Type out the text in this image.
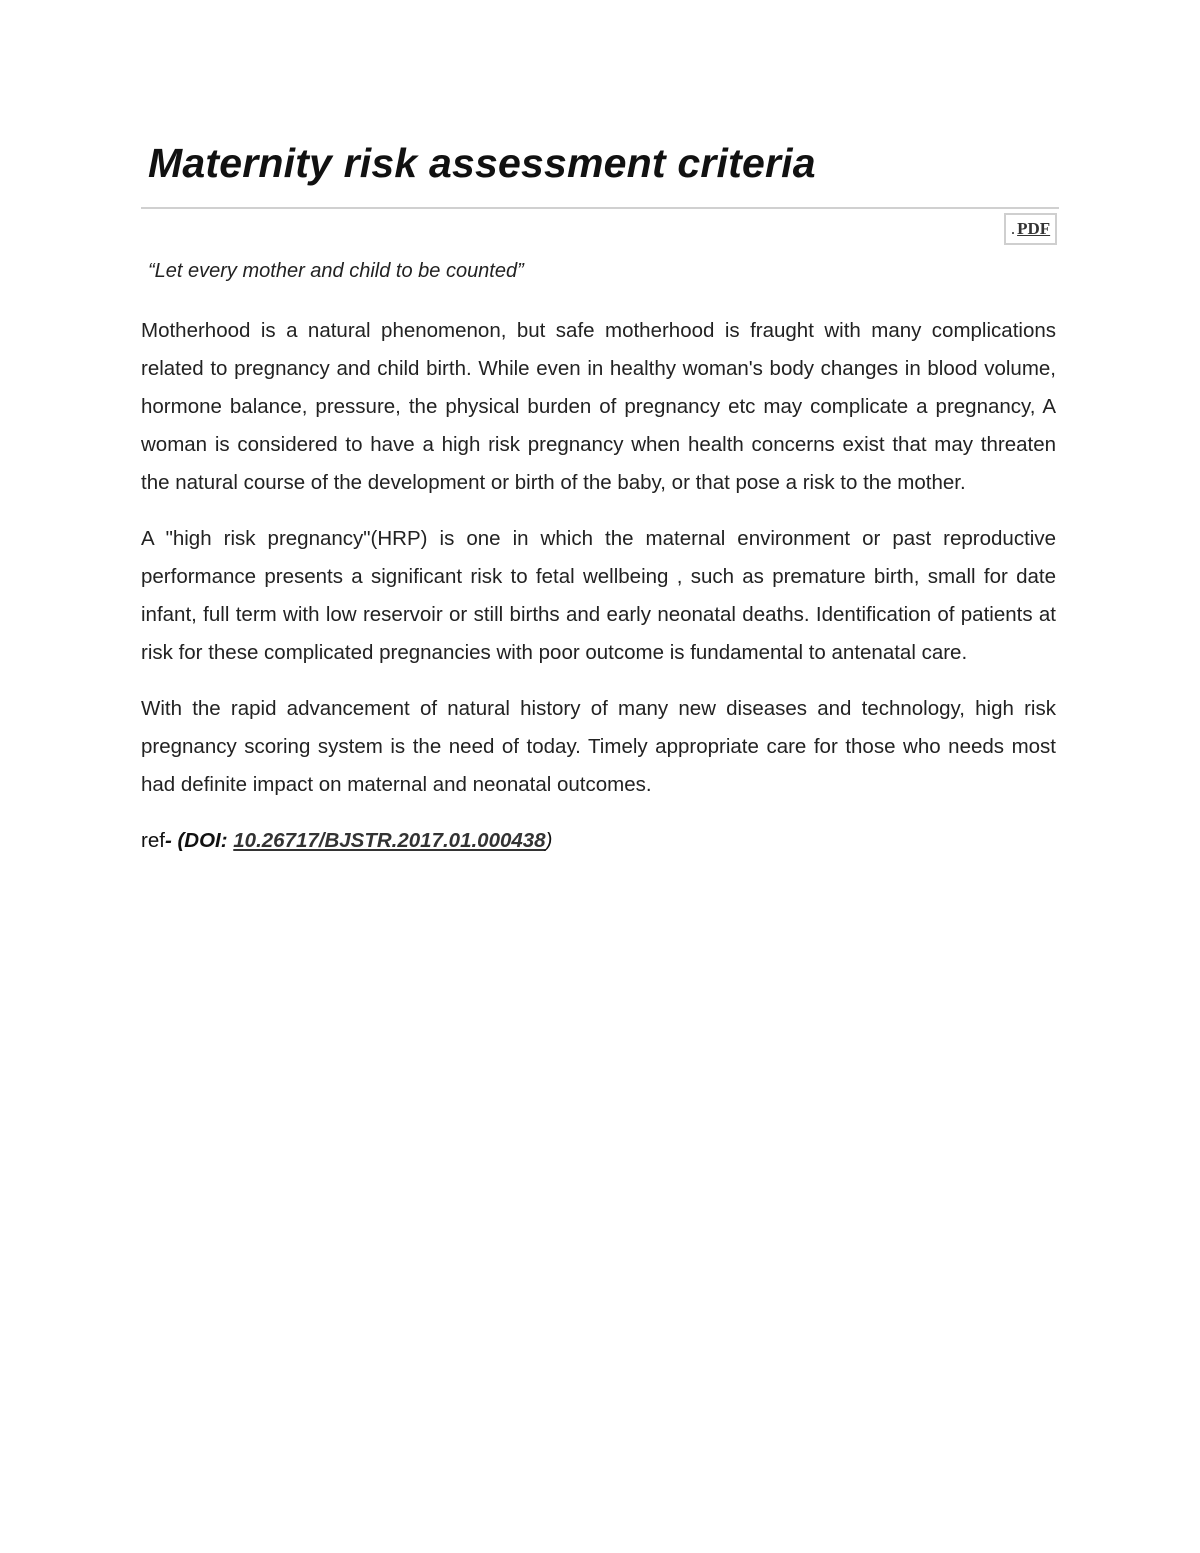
Maternity risk assessment criteria
. PDF

“Let every mother and child to be counted”

Motherhood is a natural phenomenon, but safe motherhood is fraught with many complications related to pregnancy and child birth. While even in healthy woman's body changes in blood volume, hormone balance, pressure, the physical burden of pregnancy etc may complicate a pregnancy, A woman is considered to have a high risk pregnancy when health concerns exist that may threaten the natural course of the development or birth of the baby, or that pose a risk to the mother.

A "high risk pregnancy"(HRP) is one in which the maternal environment or past reproductive performance presents a significant risk to fetal wellbeing , such as premature birth, small for date infant, full term with low reservoir or still births and early neonatal deaths. Identification of patients at risk for these complicated pregnancies with poor outcome is fundamental to antenatal care.

With the rapid advancement of natural history of many new diseases and technology, high risk pregnancy scoring system is the need of today. Timely appropriate care for those who needs most had definite impact on maternal and neonatal outcomes.

ref- (DOI: 10.26717/BJSTR.2017.01.000438)
